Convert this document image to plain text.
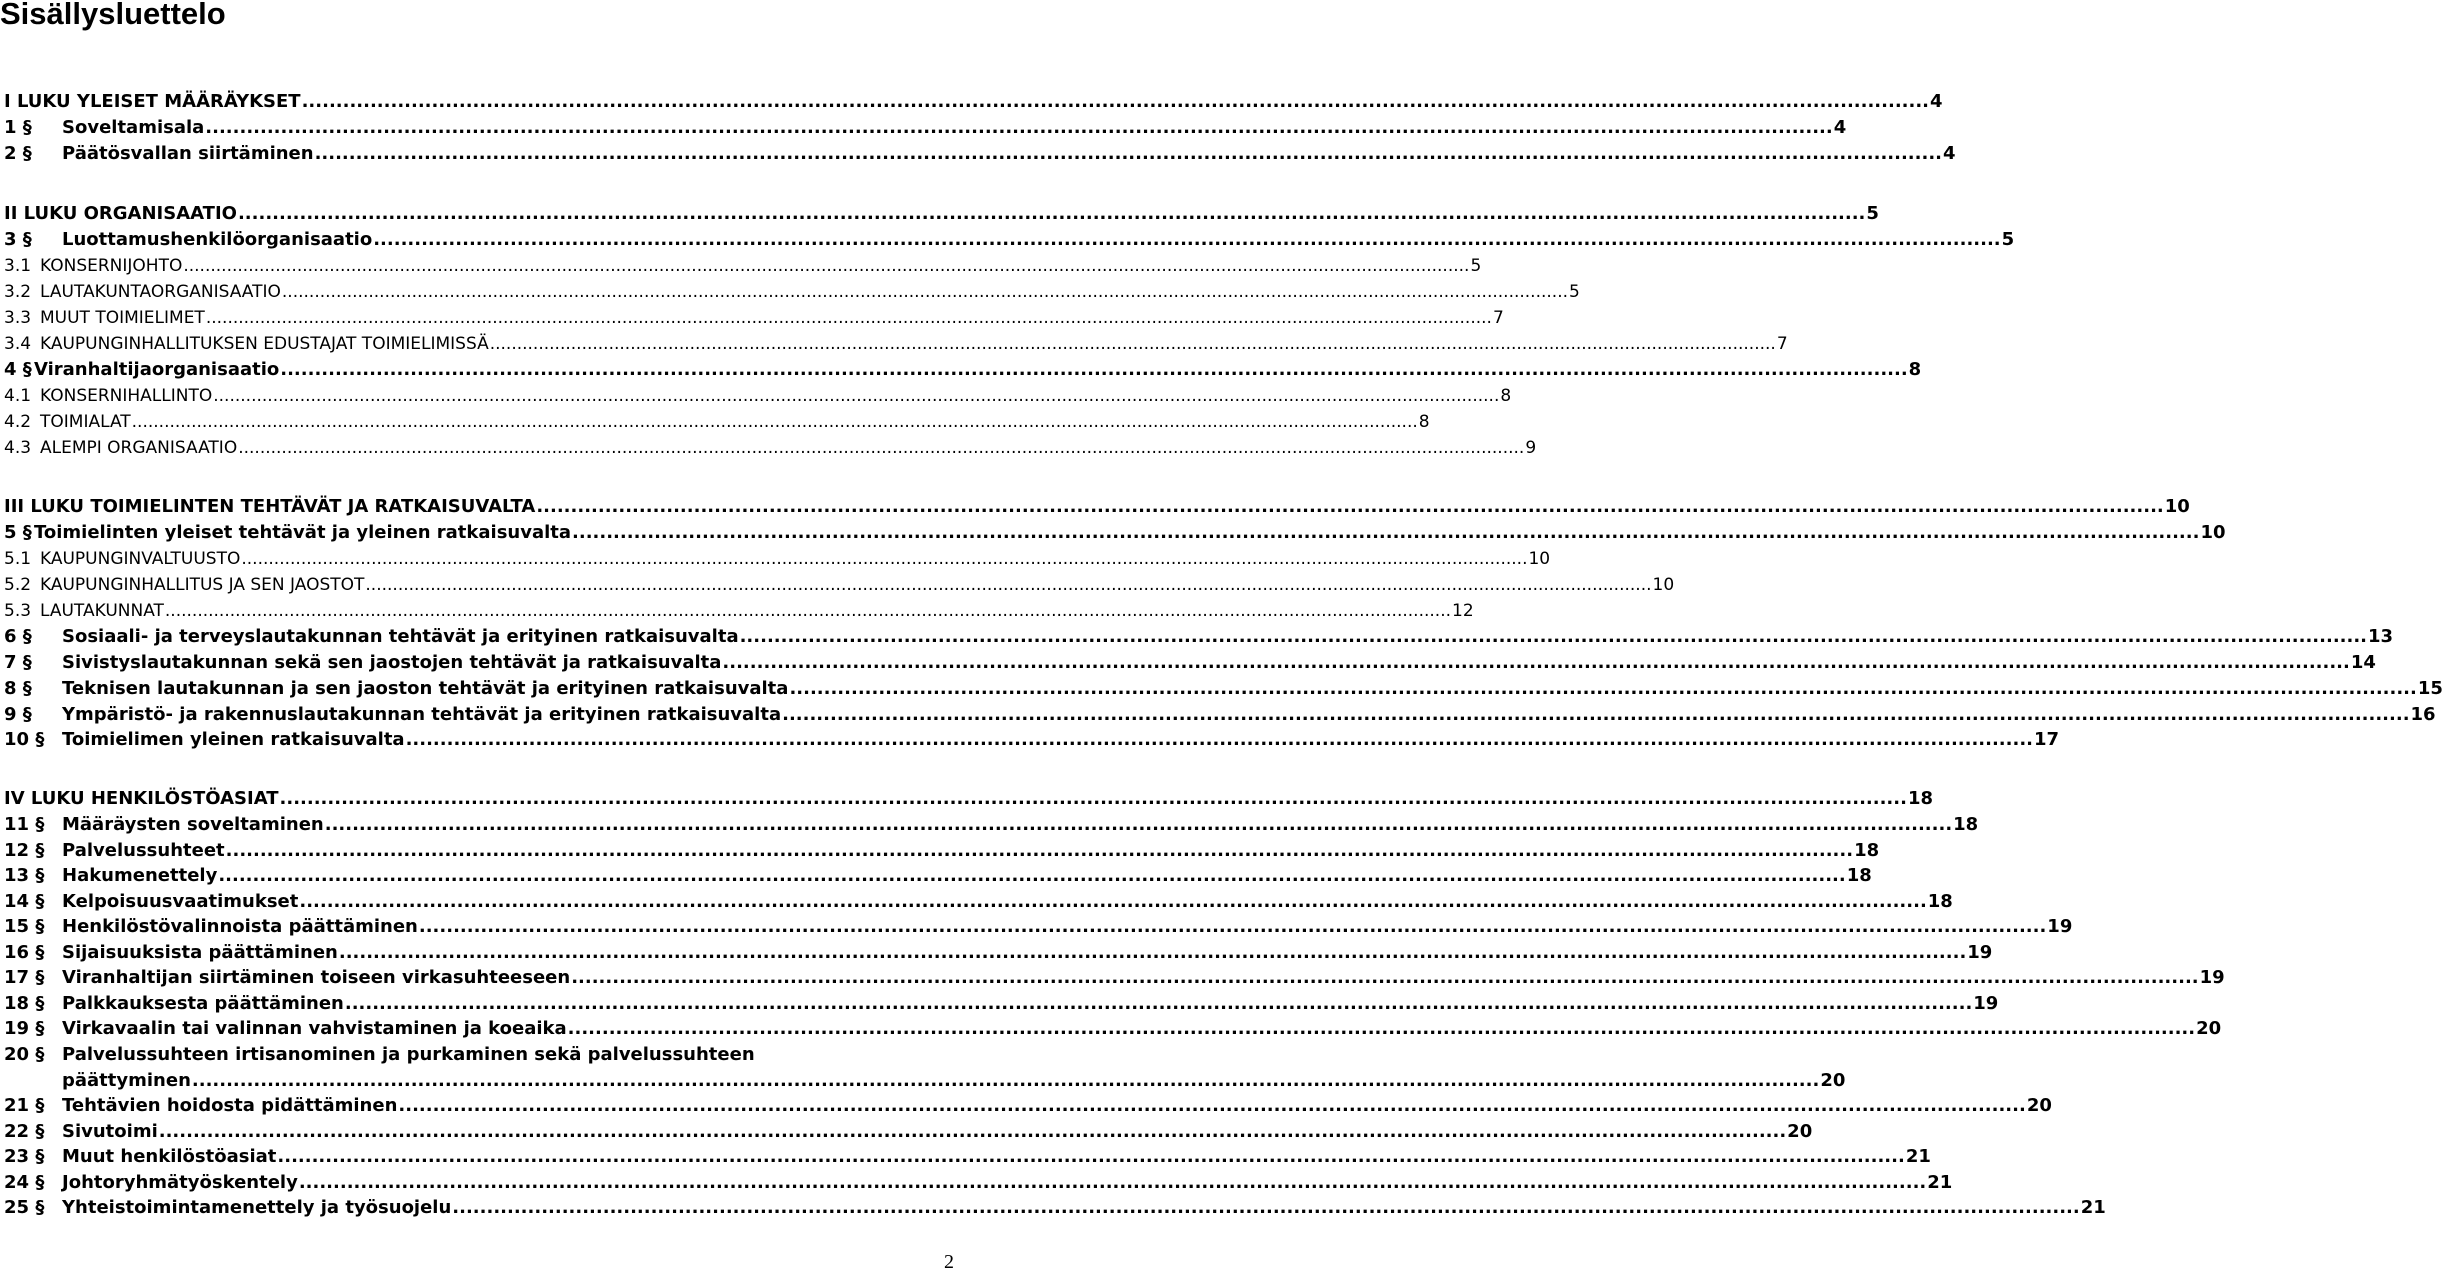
Sisällysluettelo
I LUKU YLEISET MÄÄRÄYKSET .....	4
1 §	Soveltamisala .....	4
2 §	Päätösvallan siirtäminen .....	4
II LUKU ORGANISAATIO .....	5
3 §	Luottamushenkilöorganisaatio .....	5
3.1 KONSERNIJOHTO .....	5
3.2 LAUTAKUNTAORGANISAATIO .....	5
3.3 MUUT TOIMIELIMET .....	7
3.4 KAUPUNGINHALLITUKSEN EDUSTAJAT TOIMIELIMISSÄ .....	7
4 § Viranhaltijaorganisaatio .....	8
4.1 KONSERNIHALLINTO .....	8
4.2 TOIMIALAT .....	8
4.3 ALEMPI ORGANISAATIO .....	9
III LUKU TOIMIELINTEN TEHTÄVÄT JA RATKAISUVALTA .....	10
5 § Toimielinten yleiset tehtävät ja yleinen ratkaisuvalta .....	10
5.1 KAUPUNGINVALTUUSTO .....	10
5.2 KAUPUNGINHALLITUS JA SEN JAOSTOT .....	10
5.3 LAUTAKUNNAT .....	12
6 §	Sosiaali- ja terveyslautakunnan tehtävät ja erityinen ratkaisuvalta .....	13
7 §	Sivistyslautakunnan sekä sen jaostojen tehtävät ja ratkaisuvalta .....	14
8 §	Teknisen lautakunnan ja sen jaoston tehtävät ja erityinen ratkaisuvalta .....	15
9 §	Ympäristö- ja rakennuslautakunnan tehtävät ja erityinen ratkaisuvalta .....	16
10 § Toimielimen yleinen ratkaisuvalta .....	17
IV LUKU HENKILÖSTÖASIAT .....	18
11 § Määräysten soveltaminen .....	18
12 § Palvelussuhteet .....	18
13 § Hakumenettely .....	18
14 § Kelpoisuusvaatimukset .....	18
15 § Henkilöstövalinnoista päättäminen .....	19
16 § Sijaisuuksista päättäminen .....	19
17 § Viranhaltijan siirtäminen toiseen virkasuhteeseen .....	19
18 § Palkkauksesta päättäminen .....	19
19 § Virkavaalin tai valinnan vahvistaminen ja koeaika .....	20
20 § Palvelussuhteen irtisanominen ja purkaminen sekä palvelussuhteen
päättyminen .....	20
21 § Tehtävien hoidosta pidättäminen .....	20
22 § Sivutoimi .....	20
23 § Muut henkilöstöasiat .....	21
24 § Johtoryhmätyöskentely .....	21
25 § Yhteistoimintamenettely ja työsuojelu .....	21
2
